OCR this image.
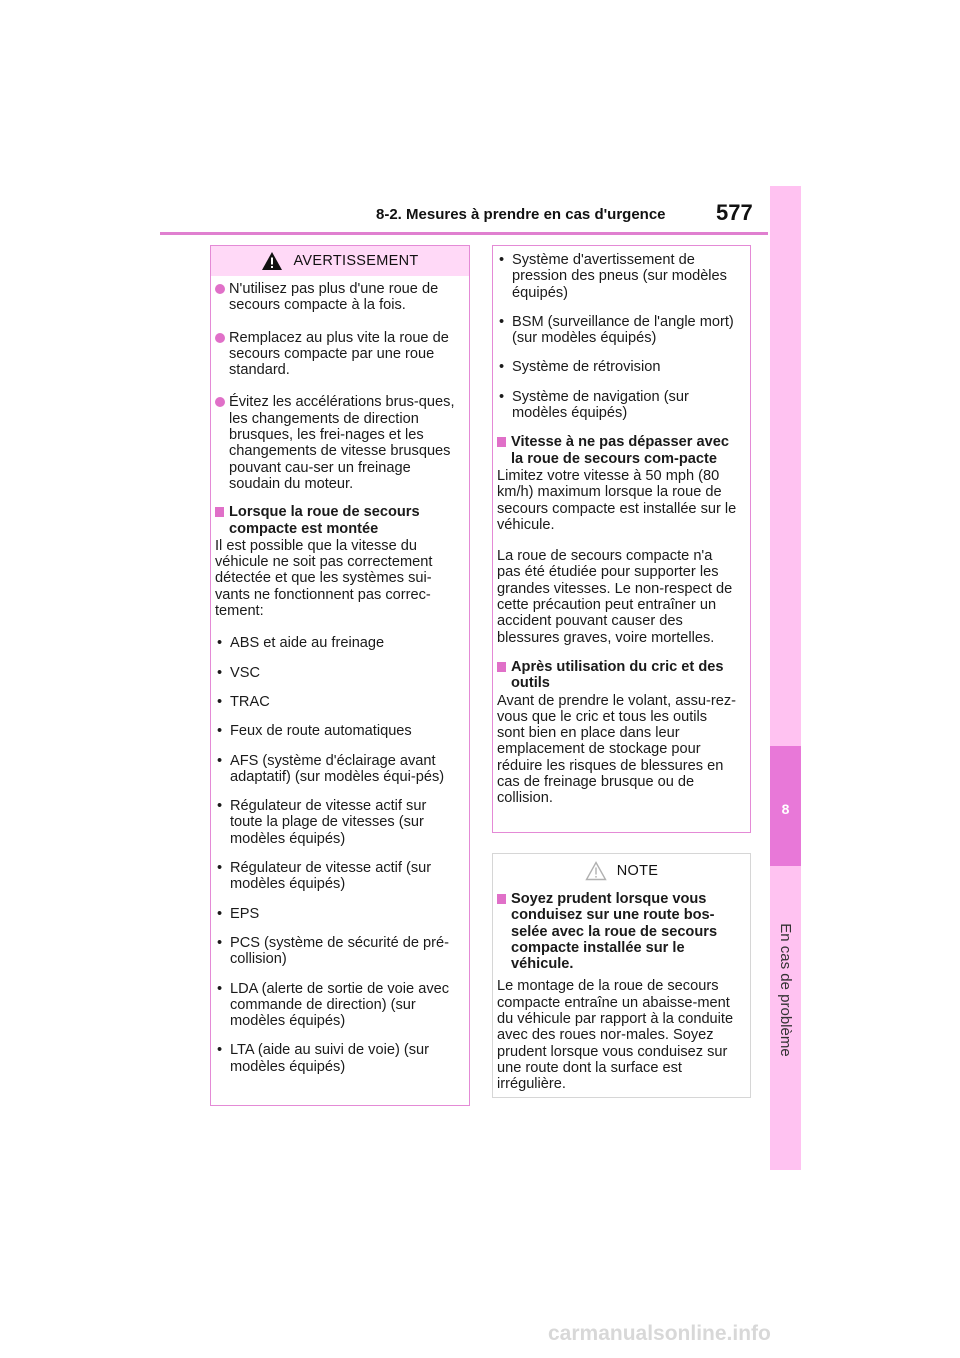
8-2. Mesures à prendre en cas d'urgence 577
8
En cas de problème
AVERTISSEMENT
N'utilisez pas plus d'une roue de secours compacte à la fois.
Remplacez au plus vite la roue de secours compacte par une roue standard.
Évitez les accélérations brus-ques, les changements de direction brusques, les frei-nages et les changements de vitesse brusques pouvant cau-ser un freinage soudain du moteur.
Lorsque la roue de secours compacte est montée
Il est possible que la vitesse du véhicule ne soit pas correctement détectée et que les systèmes sui-vants ne fonctionnent pas correc-tement:
• ABS et aide au freinage
• VSC
• TRAC
• Feux de route automatiques
• AFS (système d'éclairage avant adaptatif) (sur modèles équi-pés)
• Régulateur de vitesse actif sur toute la plage de vitesses (sur modèles équipés)
• Régulateur de vitesse actif (sur modèles équipés)
• EPS
• PCS (système de sécurité de pré-collision)
• LDA (alerte de sortie de voie avec commande de direction) (sur modèles équipés)
• LTA (aide au suivi de voie) (sur modèles équipés)
• Système d'avertissement de pression des pneus (sur modèles équipés)
• BSM (surveillance de l'angle mort) (sur modèles équipés)
• Système de rétrovision
• Système de navigation (sur modèles équipés)
Vitesse à ne pas dépasser avec la roue de secours com-pacte
Limitez votre vitesse à 50 mph (80 km/h) maximum lorsque la roue de secours compacte est installée sur le véhicule.
La roue de secours compacte n'a pas été étudiée pour supporter les grandes vitesses. Le non-respect de cette précaution peut entraîner un accident pouvant causer des blessures graves, voire mortelles.
Après utilisation du cric et des outils
Avant de prendre le volant, assu-rez-vous que le cric et tous les outils sont bien en place dans leur emplacement de stockage pour réduire les risques de blessures en cas de freinage brusque ou de collision.
NOTE
Soyez prudent lorsque vous conduisez sur une route bos-selée avec la roue de secours compacte installée sur le véhicule.
Le montage de la roue de secours compacte entraîne un abaisse-ment du véhicule par rapport à la conduite avec des roues nor-males. Soyez prudent lorsque vous conduisez sur une route dont la surface est irrégulière.
carmanualsonline.info
